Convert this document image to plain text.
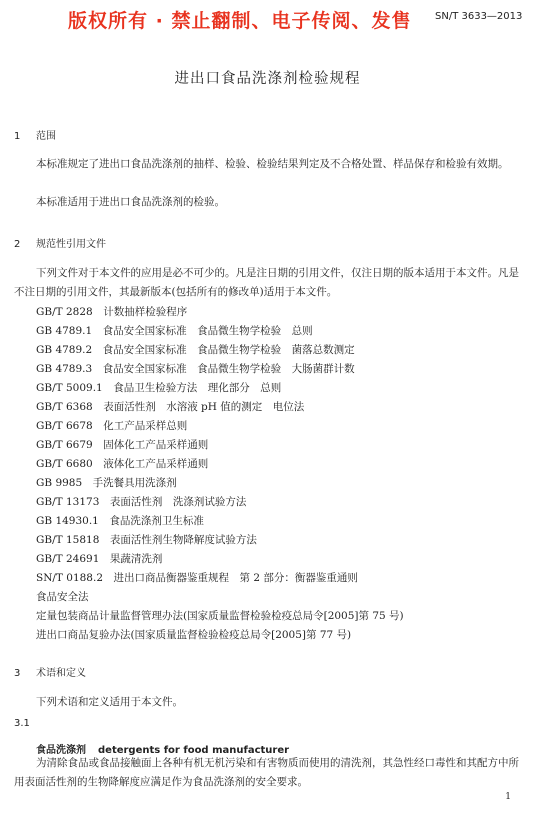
版权所有 · 禁止翻制、电子传阅、发售 SN/T 3633—2013
进出口食品洗涤剂检验规程
1 范围
本标准规定了进出口食品洗涤剂的抽样、检验、检验结果判定及不合格处置、样品保存和检验有效期。
本标准适用于进出口食品洗涤剂的检验。
2 规范性引用文件
下列文件对于本文件的应用是必不可少的。凡是注日期的引用文件，仅注日期的版本适用于本文件。凡是不注日期的引用文件，其最新版本(包括所有的修改单)适用于本文件。
GB/T 2828　计数抽样检验程序
GB 4789.1　食品安全国家标准　食品微生物学检验　总则
GB 4789.2　食品安全国家标准　食品微生物学检验　菌落总数测定
GB 4789.3　食品安全国家标准　食品微生物学检验　大肠菌群计数
GB/T 5009.1　食品卫生检验方法　理化部分　总则
GB/T 6368　表面活性剂　水溶液 pH 值的测定　电位法
GB/T 6678　化工产品采样总则
GB/T 6679　固体化工产品采样通则
GB/T 6680　液体化工产品采样通则
GB 9985　手洗餐具用洗涤剂
GB/T 13173　表面活性剂　洗涤剂试验方法
GB 14930.1　食品洗涤剂卫生标准
GB/T 15818　表面活性剂生物降解度试验方法
GB/T 24691　果蔬清洗剂
SN/T 0188.2　进出口商品衡器鉴重规程　第 2 部分：衡器鉴重通则
食品安全法
定量包装商品计量监督管理办法(国家质量监督检验检疫总局令[2005]第 75 号)
进出口商品复验办法(国家质量监督检验检疫总局令[2005]第 77 号)
3 术语和定义
下列术语和定义适用于本文件。
3.1
食品洗涤剂 detergents for food manufacturer
为清除食品或食品接触面上各种有机无机污染和有害物质而使用的清洗剂，其急性经口毒性和其配方中所用表面活性剂的生物降解度应满足作为食品洗涤剂的安全要求。
1
